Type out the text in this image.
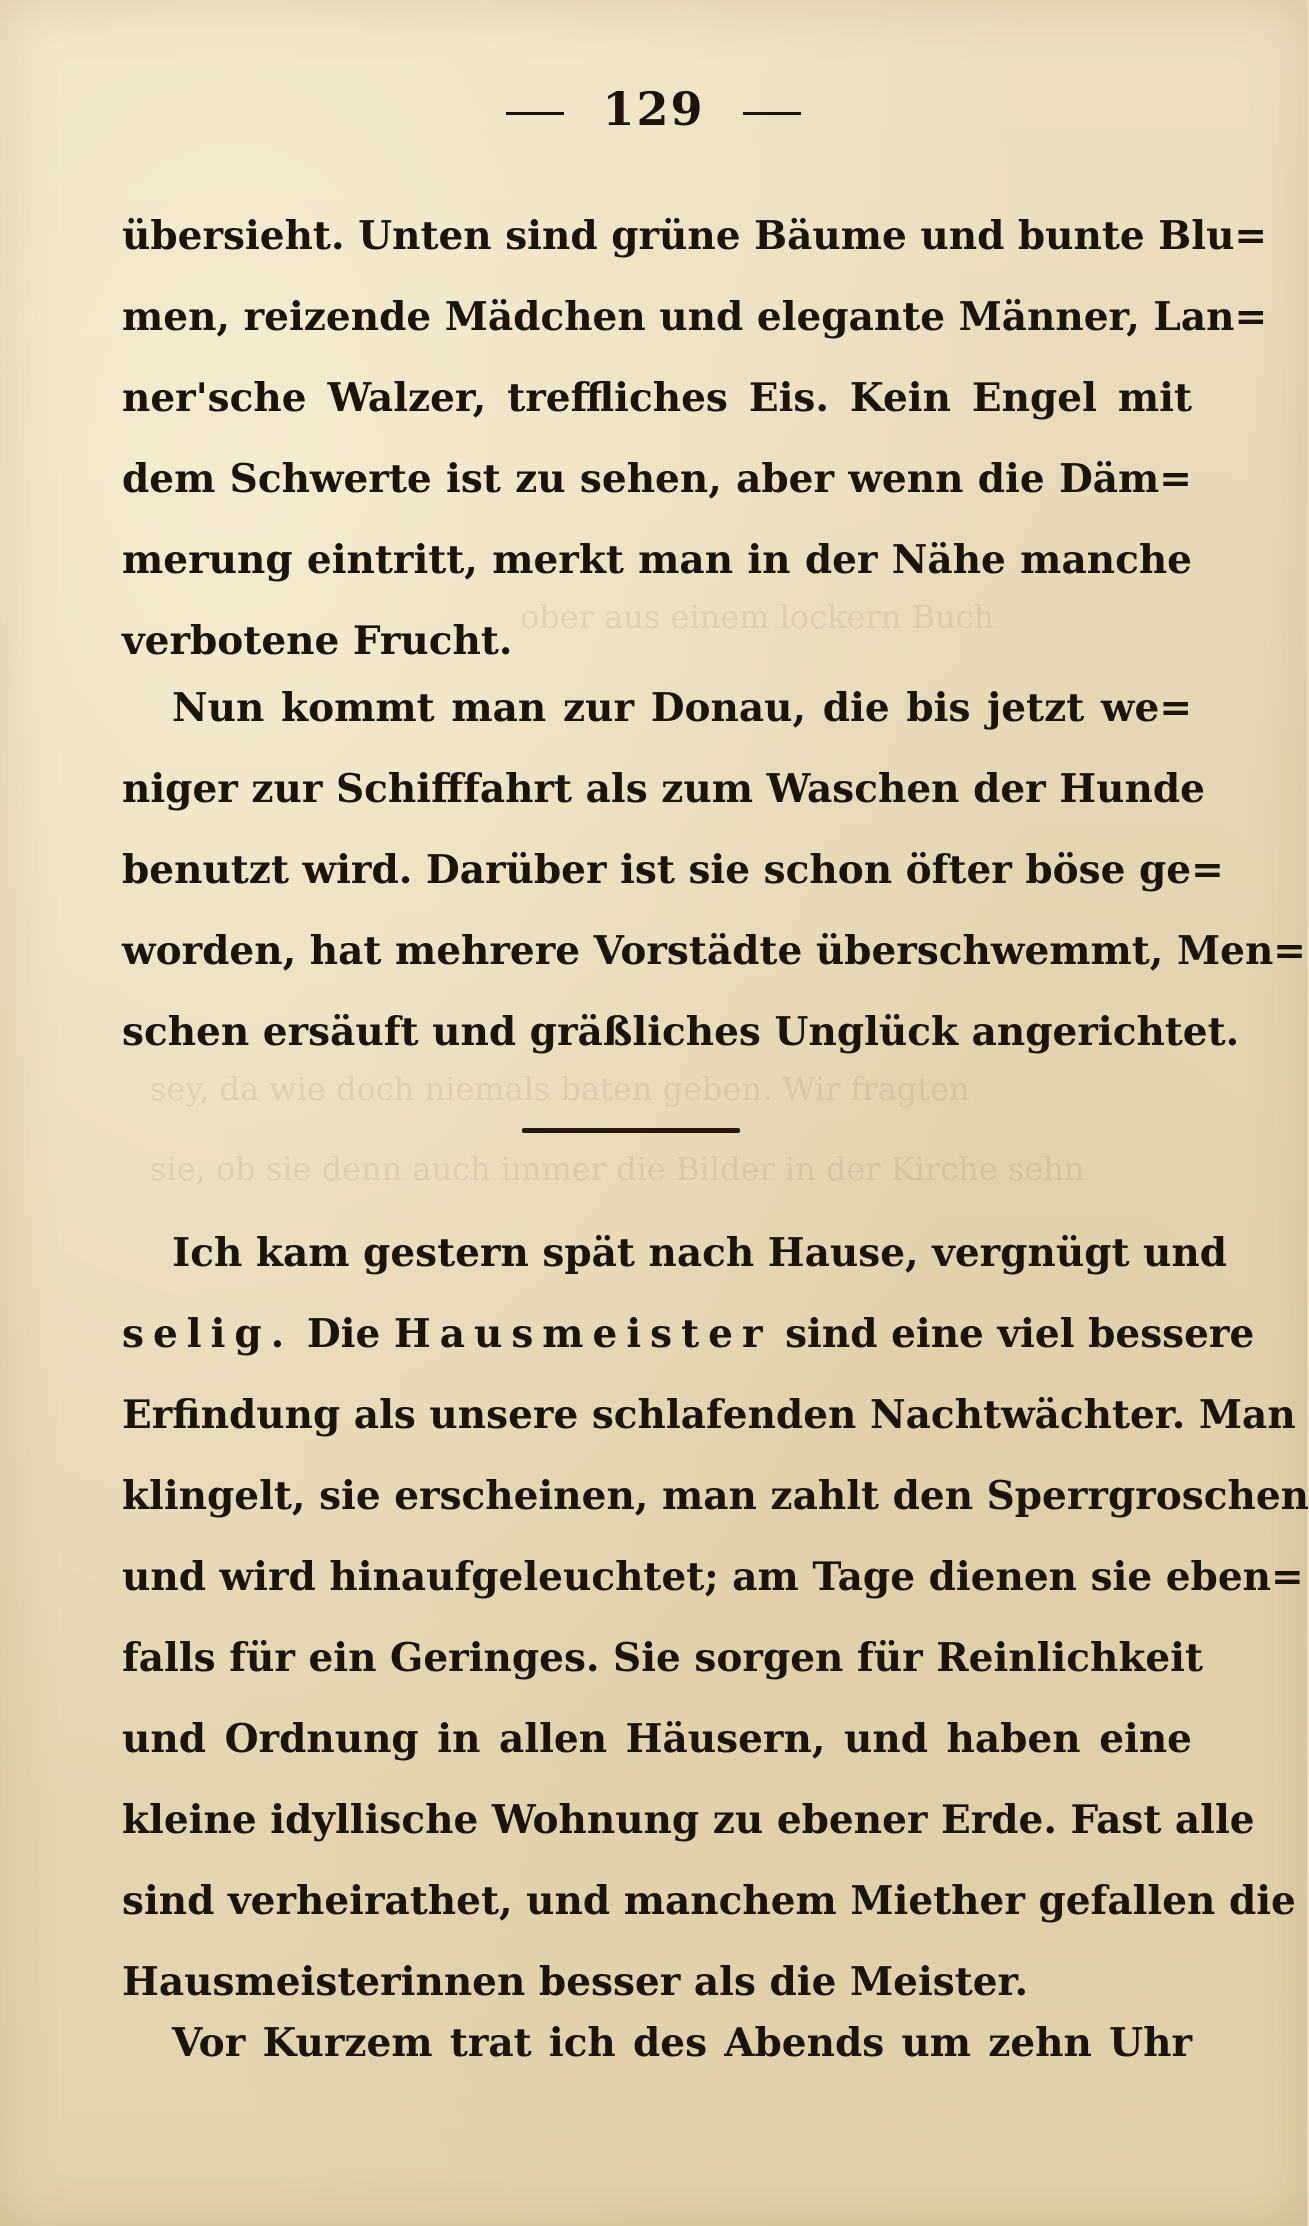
ober aus einem lockern Buch
sey, da wie doch niemals baten geben. Wir fragten
sie, ob sie denn auch immer die Bilder in der Kirche sehn
129
übersieht. Unten sind grüne Bäume und bunte Blu=
men, reizende Mädchen und elegante Männer, Lan=
ner'sche Walzer, treffliches Eis. Kein Engel mit
dem Schwerte ist zu sehen, aber wenn die Däm=
merung eintritt, merkt man in der Nähe manche
verbotene Frucht.
Nun kommt man zur Donau, die bis jetzt we=
niger zur Schifffahrt als zum Waschen der Hunde
benutzt wird. Darüber ist sie schon öfter böse ge=
worden, hat mehrere Vorstädte überschwemmt, Men=
schen ersäuft und gräßliches Unglück angerichtet.
Ich kam gestern spät nach Hause, vergnügt und
selig. Die Hausmeister sind eine viel bessere
Erfindung als unsere schlafenden Nachtwächter. Man
klingelt, sie erscheinen, man zahlt den Sperrgroschen
und wird hinaufgeleuchtet; am Tage dienen sie eben=
falls für ein Geringes. Sie sorgen für Reinlichkeit
und Ordnung in allen Häusern, und haben eine
kleine idyllische Wohnung zu ebener Erde. Fast alle
sind verheirathet, und manchem Miether gefallen die
Hausmeisterinnen besser als die Meister.
Vor Kurzem trat ich des Abends um zehn Uhr
